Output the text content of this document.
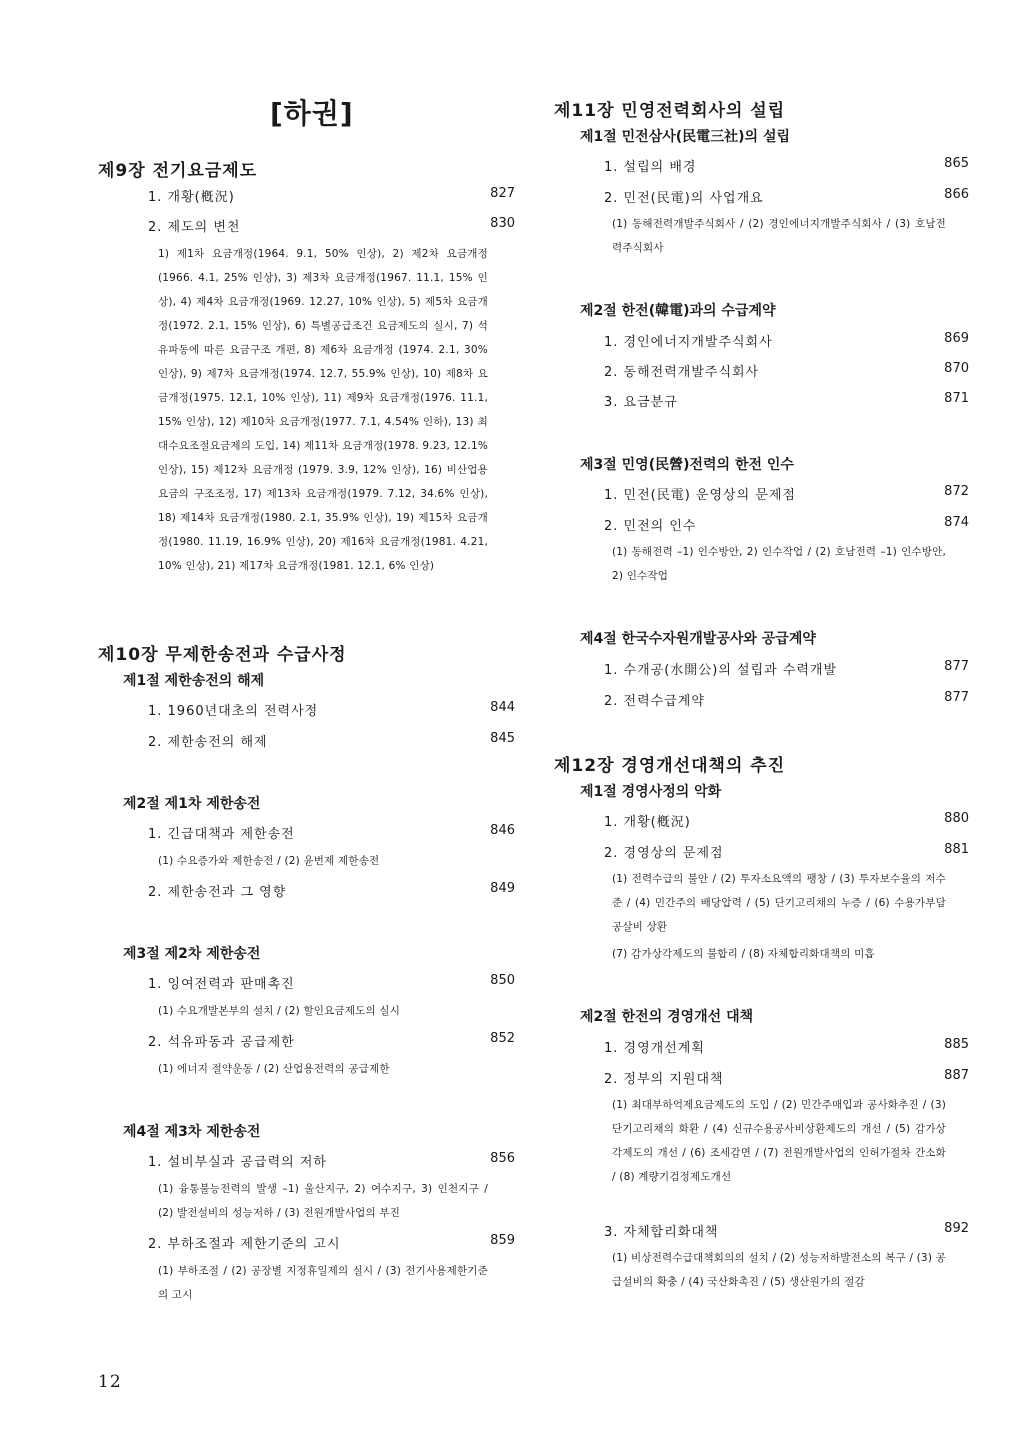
[하권]
제9장 전기요금제도
1. 개황(槪況)	827
2. 제도의 변천	830

1) 제1차 요금개정(1964. 9.1, 50% 인상), 2) 제2차 요금개정 (1966. 4.1, 25% 인상), 3) 제3차 요금개정(1967. 11.1, 15% 인상), 4) 제4차 요금개정(1969. 12.27, 10% 인상), 5) 제5차 요금개정(1972. 2.1, 15% 인상), 6) 특별공급조건 요금제도의 실시, 7) 석유파동에 따른 요금구조 개편, 8) 제6차 요금개정 (1974. 2.1, 30% 인상), 9) 제7차 요금개정(1974. 12.7, 55.9% 인상), 10) 제8차 요금개정(1975. 12.1, 10% 인상), 11) 제9차 요금개정(1976. 11.1, 15% 인상), 12) 제10차 요금개정(1977. 7.1, 4.54% 인하), 13) 최대수요조절요금제의 도입, 14) 제11차 요금개정(1978. 9.23, 12.1% 인상), 15) 제12차 요금개정 (1979. 3.9, 12% 인상), 16) 비산업용요금의 구조조정, 17) 제13차 요금개정(1979. 7.12, 34.6% 인상), 18) 제14차 요금개정(1980. 2.1, 35.9% 인상), 19) 제15차 요금개정(1980. 11.19, 16.9% 인상), 20) 제16차 요금개정(1981. 4.21, 10% 인상), 21) 제17차 요금개정(1981. 12.1, 6% 인상)

제10장 무제한송전과 수급사정
제1절 제한송전의 해제
1. 1960년대초의 전력사정	844
2. 제한송전의 해제	845
제2절 제1차 제한송전
1. 긴급대책과 제한송전	846

(1) 수요증가와 제한송전 / (2) 윤번제 제한송전

2. 제한송전과 그 영향	849
제3절 제2차 제한송전
1. 잉여전력과 판매촉진	850

(1) 수요개발본부의 설치 / (2) 할인요금제도의 실시

2. 석유파동과 공급제한	852

(1) 에너지 절약운동 / (2) 산업용전력의 공급제한

제4절 제3차 제한송전
1. 설비부실과 공급력의 저하	856

(1) 융통불능전력의 발생 –1) 울산지구, 2) 여수지구, 3) 인천지구 / (2) 발전설비의 성능저하 / (3) 전원개발사업의 부진

2. 부하조절과 제한기준의 고시	859

(1) 부하조절 / (2) 공장별 지정휴일제의 실시 / (3) 전기사용제한기준의 고시

12
제11장 민영전력회사의 설립
제1절 민전삼사(民電三社)의 설립
1. 설립의 배경	865
2. 민전(民電)의 사업개요	866

(1) 동해전력개발주식회사 / (2) 경인에너지개발주식회사 / (3) 호남전력주식회사

제2절 한전(韓電)과의 수급계약
1. 경인에너지개발주식회사	869
2. 동해전력개발주식회사	870
3. 요금분규	871
제3절 민영(民營)전력의 한전 인수
1. 민전(民電) 운영상의 문제점	872
2. 민전의 인수	874

(1) 동해전력 –1) 인수방안, 2) 인수작업 / (2) 호남전력 –1) 인수방안, 2) 인수작업

제4절 한국수자원개발공사와 공급계약
1. 수개공(水開公)의 설립과 수력개발	877
2. 전력수급계약	877
제12장 경영개선대책의 추진
제1절 경영사정의 악화
1. 개황(槪況)	880
2. 경영상의 문제점	881

(1) 전력수급의 불안 / (2) 투자소요액의 팽창 / (3) 투자보수율의 저수준 / (4) 민간주의 배당압력 / (5) 단기고리채의 누증 / (6) 수용가부담공살비 상환

(7) 감가상각제도의 불합리 / (8) 자체합리화대책의 미흡

제2절 한전의 경영개선 대책
1. 경영개선계획	885
2. 정부의 지원대책	887

(1) 최대부하억제요금제도의 도입 / (2) 민간주매입과 공사화추진 / (3) 단기고리채의 화환 / (4) 신규수용공사비상환제도의 개선 / (5) 감가상각제도의 개선 / (6) 조세감면 / (7) 전원개발사업의 인허가절차 간소화 / (8) 계량기검정제도개선

3. 자체합리화대책	892

(1) 비상전력수급대책회의의 설치 / (2) 성능저하발전소의 복구 / (3) 공급설비의 확충 / (4) 국산화촉진 / (5) 생산원가의 절감
